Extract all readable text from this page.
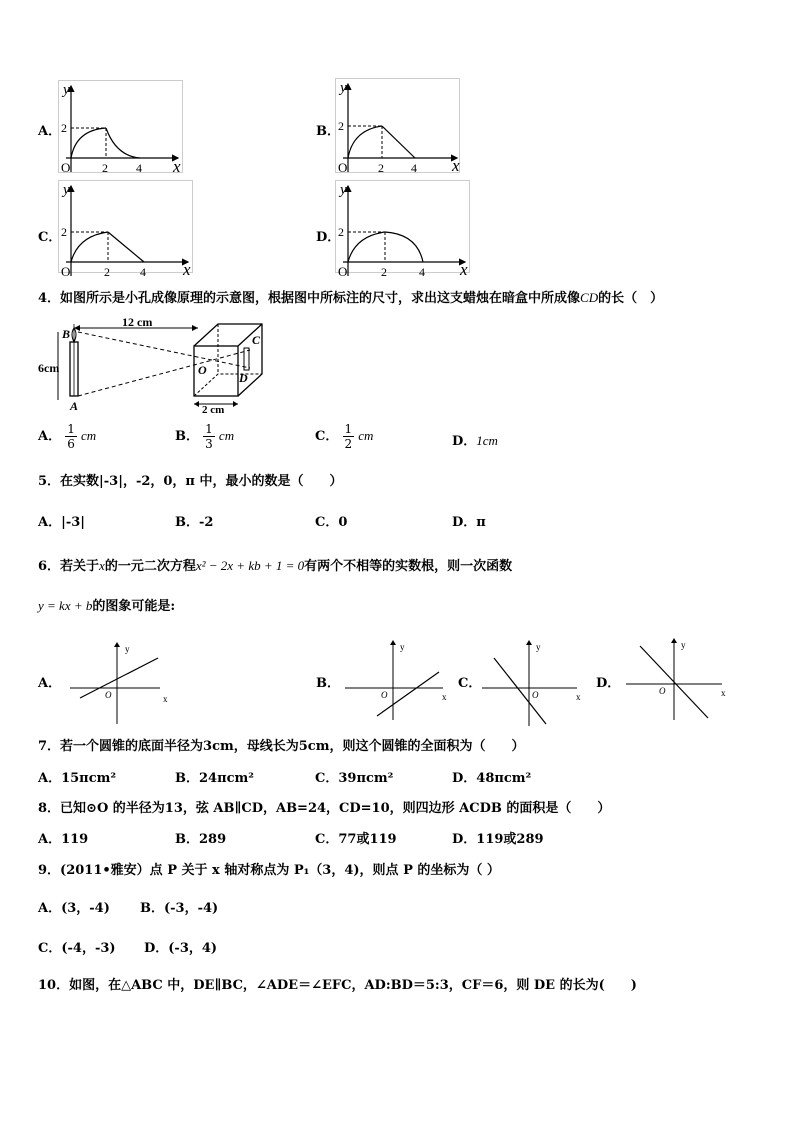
A．
y
x
O	2 4
2	B．
y
x
O	2 4
2
C．
y
x
O	2	4
2	D．
y
x
O	2	4
2
4．如图所示是小孔成像原理的示意图，根据图中所标注的尺寸，求出这支蜡烛在暗盒中所成像CD的长（　）
6cm
12 cm
2 cm
B
A
O
C
D
A． $\frac{1}{6}$ cm	B． $\frac{1}{3}$ cm	C． $\frac{1}{2}$ cm	D．1cm
5．在实数|-3|，-2，0，π 中，最小的数是（　　）
A．|-3|	B．-2	C．0	D．π
6．若关于x的一元二次方程x² − 2x + kb + 1 = 0有两个不相等的实数根，则一次函数
y = kx + b的图象可能是:
A．
y
x
O
B．
y
x
O
C．
y
x
O
D．
y
x
O
7．若一个圆锥的底面半径为3cm，母线长为5cm，则这个圆锥的全面积为（　　）
A．15πcm²	B．24πcm²	C．39πcm²	D．48πcm²
8．已知⊙O 的半径为13，弦 AB∥CD，AB=24，CD=10，则四边形 ACDB 的面积是（　　）
A．119	B．289	C．77或119	D．119或289
9．(2011•雅安）点 P 关于 x 轴对称点为 P₁（3，4)，则点 P 的坐标为（ ）
A．(3，-4) B．(-3，-4)
C．(-4，-3) D．(-3，4)
10．如图，在△ABC 中，DE∥BC，∠ADE＝∠EFC，AD:BD＝5:3，CF＝6，则 DE 的长为(　　)
